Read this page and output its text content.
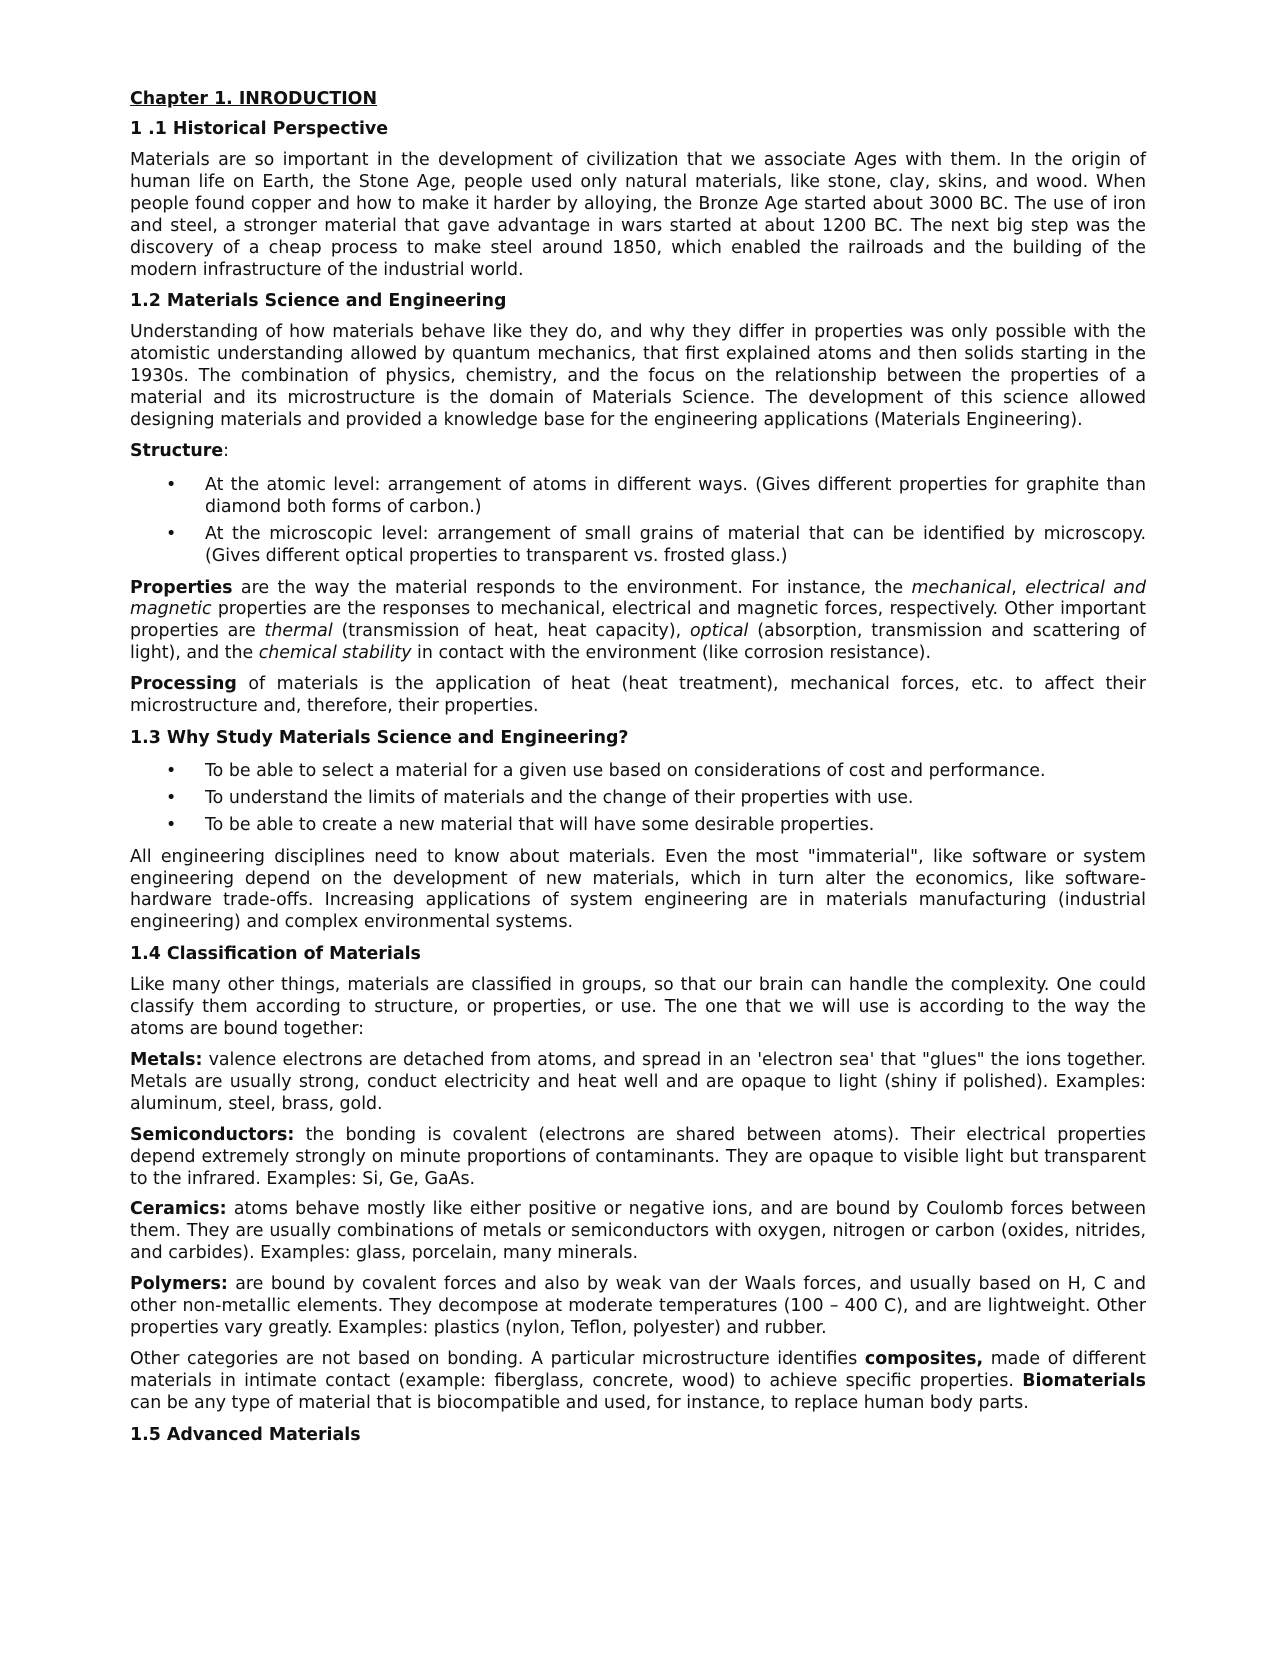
Chapter 1. INRODUCTION
1 .1 Historical Perspective

Materials are so important in the development of civilization that we associate Ages with them. In the origin of human life on Earth, the Stone Age, people used only natural materials, like stone, clay, skins, and wood. When people found copper and how to make it harder by alloying, the Bronze Age started about 3000 BC. The use of iron and steel, a stronger material that gave advantage in wars started at about 1200 BC. The next big step was the discovery of a cheap process to make steel around 1850, which enabled the railroads and the building of the modern infrastructure of the industrial world.

1.2 Materials Science and Engineering

Understanding of how materials behave like they do, and why they differ in properties was only possible with the atomistic understanding allowed by quantum mechanics, that first explained atoms and then solids starting in the 1930s. The combination of physics, chemistry, and the focus on the relationship between the properties of a material and its microstructure is the domain of Materials Science. The development of this science allowed designing materials and provided a knowledge base for the engineering applications (Materials Engineering).

Structure:

• At the atomic level: arrangement of atoms in different ways. (Gives different properties for graphite than diamond both forms of carbon.)
• At the microscopic level: arrangement of small grains of material that can be identified by microscopy. (Gives different optical properties to transparent vs. frosted glass.)

Properties are the way the material responds to the environment. For instance, the mechanical, electrical and magnetic properties are the responses to mechanical, electrical and magnetic forces, respectively. Other important properties are thermal (transmission of heat, heat capacity), optical (absorption, transmission and scattering of light), and the chemical stability in contact with the environment (like corrosion resistance).

Processing of materials is the application of heat (heat treatment), mechanical forces, etc. to affect their microstructure and, therefore, their properties.

1.3 Why Study Materials Science and Engineering?
• To be able to select a material for a given use based on considerations of cost and performance.
• To understand the limits of materials and the change of their properties with use.
• To be able to create a new material that will have some desirable properties.

All engineering disciplines need to know about materials. Even the most "immaterial", like software or system engineering depend on the development of new materials, which in turn alter the economics, like software-hardware trade-offs. Increasing applications of system engineering are in materials manufacturing (industrial engineering) and complex environmental systems.

1.4 Classification of Materials

Like many other things, materials are classified in groups, so that our brain can handle the complexity. One could classify them according to structure, or properties, or use. The one that we will use is according to the way the atoms are bound together:

Metals: valence electrons are detached from atoms, and spread in an 'electron sea' that "glues" the ions together. Metals are usually strong, conduct electricity and heat well and are opaque to light (shiny if polished). Examples: aluminum, steel, brass, gold.

Semiconductors: the bonding is covalent (electrons are shared between atoms). Their electrical properties depend extremely strongly on minute proportions of contaminants. They are opaque to visible light but transparent to the infrared. Examples: Si, Ge, GaAs.

Ceramics: atoms behave mostly like either positive or negative ions, and are bound by Coulomb forces between them. They are usually combinations of metals or semiconductors with oxygen, nitrogen or carbon (oxides, nitrides, and carbides). Examples: glass, porcelain, many minerals.

Polymers: are bound by covalent forces and also by weak van der Waals forces, and usually based on H, C and other non-metallic elements. They decompose at moderate temperatures (100 – 400 C), and are lightweight. Other properties vary greatly. Examples: plastics (nylon, Teflon, polyester) and rubber.

Other categories are not based on bonding. A particular microstructure identifies composites, made of different materials in intimate contact (example: fiberglass, concrete, wood) to achieve specific properties. Biomaterials can be any type of material that is biocompatible and used, for instance, to replace human body parts.

1.5 Advanced Materials
